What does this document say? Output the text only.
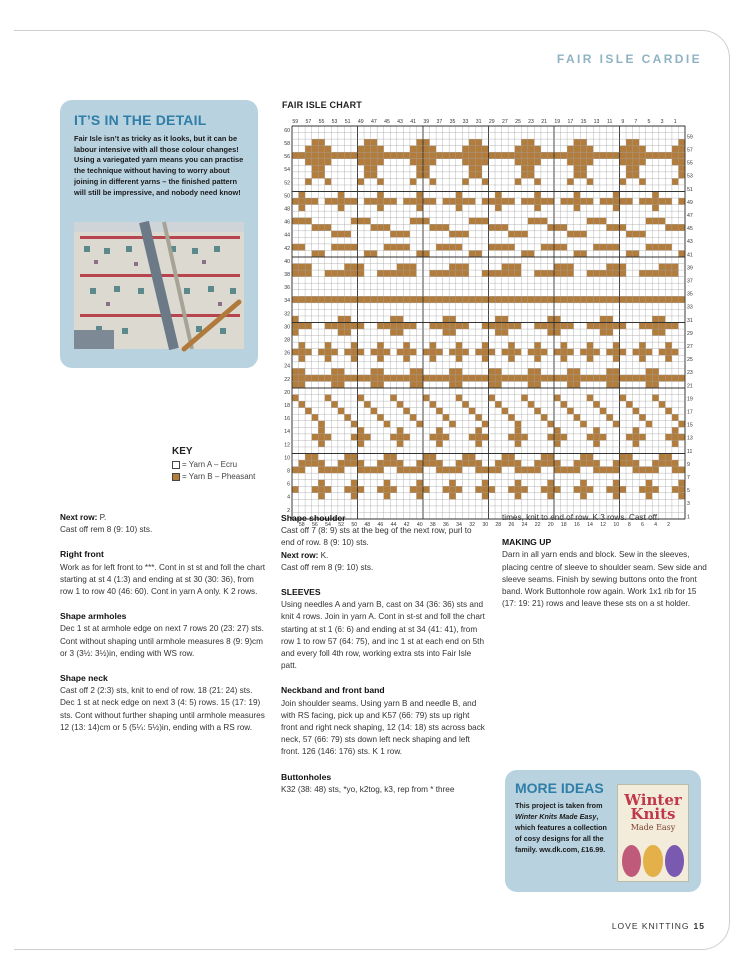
FAIR ISLE CARDIE
IT’S IN THE DETAIL

Fair Isle isn’t as tricky as it looks, but it can be labour intensive with all those colour changes! Using a variegated yarn means you can practise the technique without having to worry about joining in different yarns – the finished pattern will still be impressive, and nobody need know!

FAIR ISLE CHART
59 57 55 53 51 49 47 45 43 41 39 37 35 33 31 29 27 25 23 21 19 17 15 13 11 9 7 5 3 1
58 56 54 52 50 48 46 44 42 40 38 36 34 32 30 28 26 24 22 20 18 16 14 12 10 8 6 4 2
60
58
56
54
52
50
48
46
44
42
40
38
36
34
32
30
28
26
24
22
20
18
16
14
12
10
8
6
4
2
59
57
55
53
51
49
47
45
43
41
39
37
35
33
31
29
27
25
23
21
19
17
15
13
11
9
7
5
3
1
KEY
= Yarn A – Ecru
= Yarn B – Pheasant

Next row: P.

Cast off rem 8 (9: 10) sts.

Right front

Work as for left front to ***. Cont in st st and foll the chart starting at st 4 (1:3) and ending at st 30 (30: 36), from row 1 to row 40 (46: 60). Cont in yarn A only. K 2 rows.

Shape armholes

Dec 1 st at armhole edge on next 7 rows 20 (23: 27) sts. Cont without shaping until armhole measures 8 (9: 9)cm or 3 (3½: 3½)in, ending with WS row.

Shape neck

Cast off 2 (2:3) sts, knit to end of row. 18 (21: 24) sts. Dec 1 st at neck edge on next 3 (4: 5) rows. 15 (17: 19) sts. Cont without further shaping until armhole measures 12 (13: 14)cm or 5 (5¼: 5½)in, ending with a RS row.

Shape shoulder

Cast off 7 (8: 9) sts at the beg of the next row, purl to end of row. 8 (9: 10) sts.

Next row: K.

Cast off rem 8 (9: 10) sts.

SLEEVES

Using needles A and yarn B, cast on 34 (36: 36) sts and knit 4 rows. Join in yarn A. Cont in st-st and foll the chart starting at st 1 (6: 6) and ending at st 34 (41: 41), from row 1 to row 57 (64: 75), and inc 1 st at each end on 5th and every foll 4th row, working extra sts into Fair Isle patt.

Neckband and front band

Join shoulder seams. Using yarn B and needle B, and with RS facing, pick up and K57 (66: 79) sts up right front and right neck shaping, 12 (14: 18) sts across back neck, 57 (66: 79) sts down left neck shaping and left front. 126 (146: 176) sts. K 1 row.

Buttonholes

K32 (38: 48) sts, *yo, k2tog, k3, rep from * three

times, knit to end of row. K 3 rows. Cast off.

MAKING UP

Darn in all yarn ends and block. Sew in the sleeves, placing centre of sleeve to shoulder seam. Sew side and sleeve seams. Finish by sewing buttons onto the front band. Work Buttonhole row again. Work 1x1 rib for 15 (17: 19: 21) rows and leave these sts on a st holder.

MORE IDEAS

This project is taken from Winter Knits Made Easy, which features a collection of cosy designs for all the family. ww.dk.com, £16.99.

Winter
Knits
Made Easy
LOVE KNITTING 15
